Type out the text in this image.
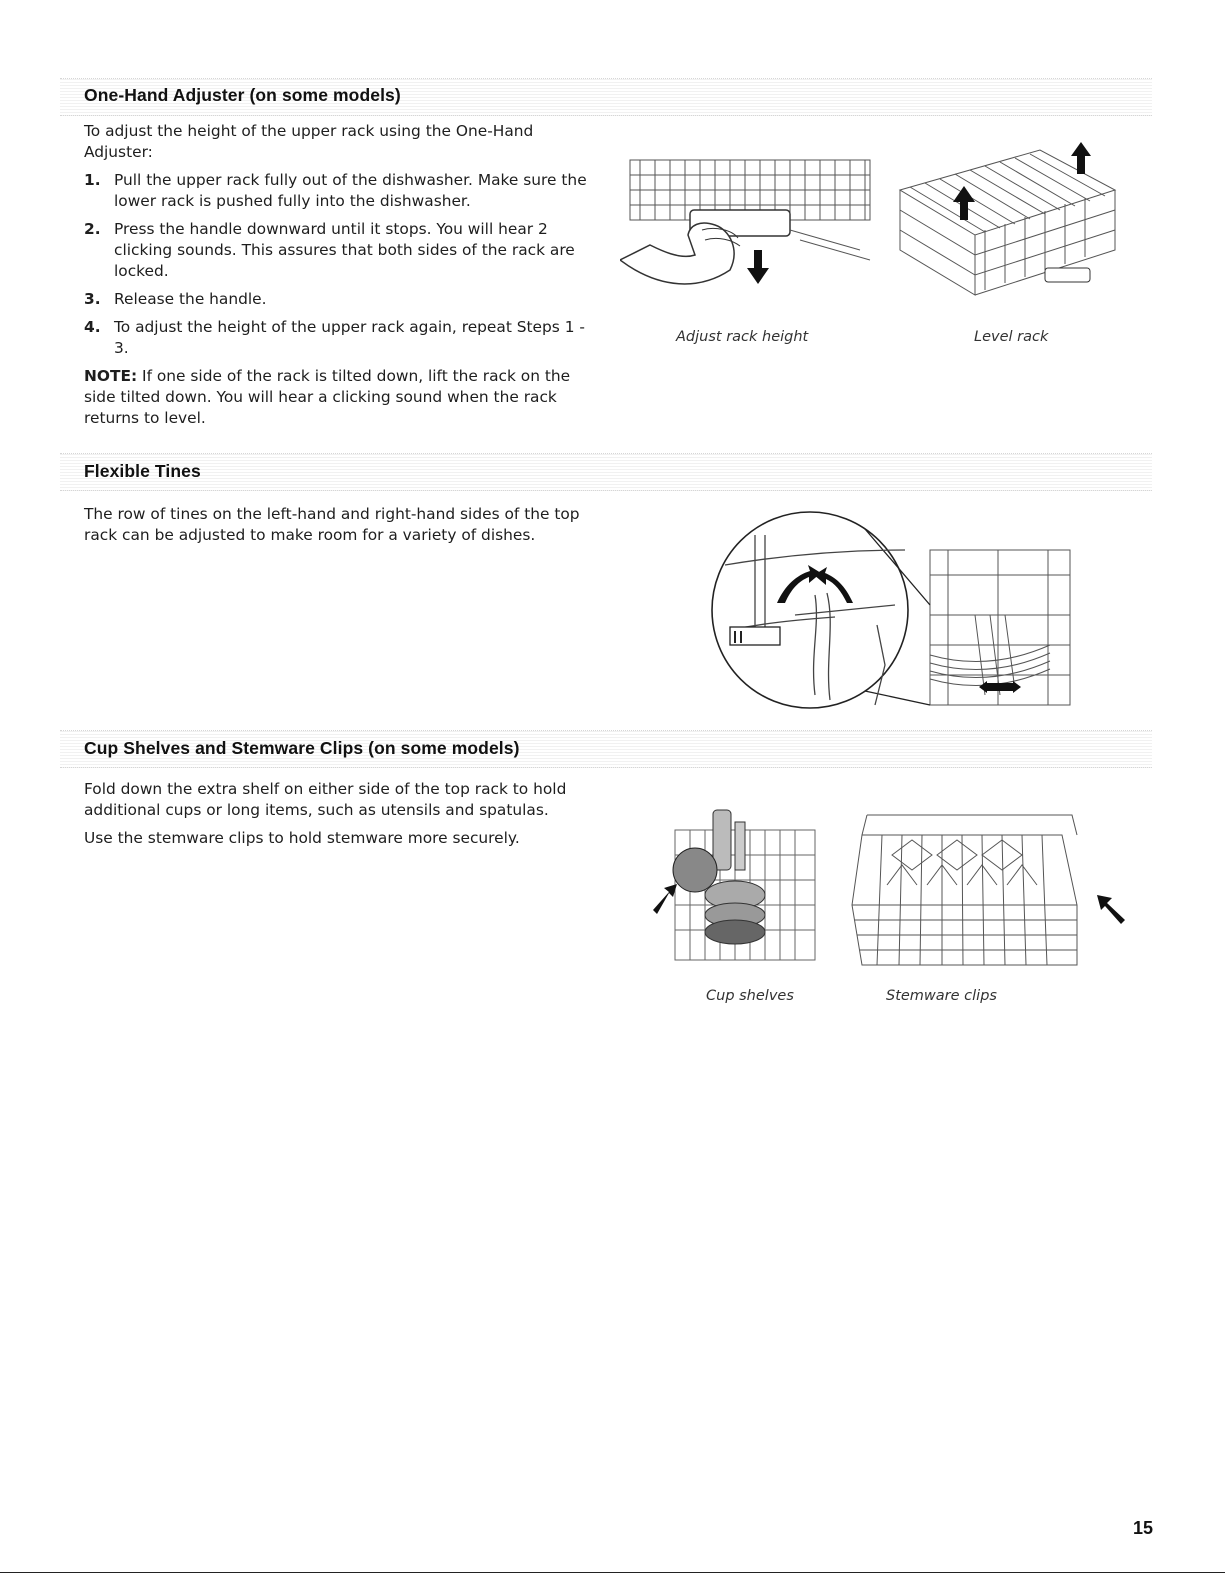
One-Hand Adjuster (on some models)

To adjust the height of the upper rack using the One-Hand Adjuster:

1. Pull the upper rack fully out of the dishwasher. Make sure the lower rack is pushed fully into the dishwasher.
2. Press the handle downward until it stops. You will hear 2 clicking sounds. This assures that both sides of the rack are locked.
3. Release the handle.
4. To adjust the height of the upper rack again, repeat Steps 1 - 3.

NOTE: If one side of the rack is tilted down, lift the rack on the side tilted down. You will hear a clicking sound when the rack returns to level.

Adjust rack height	Level rack
Flexible Tines

The row of tines on the left-hand and right-hand sides of the top rack can be adjusted to make room for a variety of dishes.

Cup Shelves and Stemware Clips (on some models)

Fold down the extra shelf on either side of the top rack to hold additional cups or long items, such as utensils and spatulas.

Use the stemware clips to hold stemware more securely.

Cup shelves	Stemware clips
15
